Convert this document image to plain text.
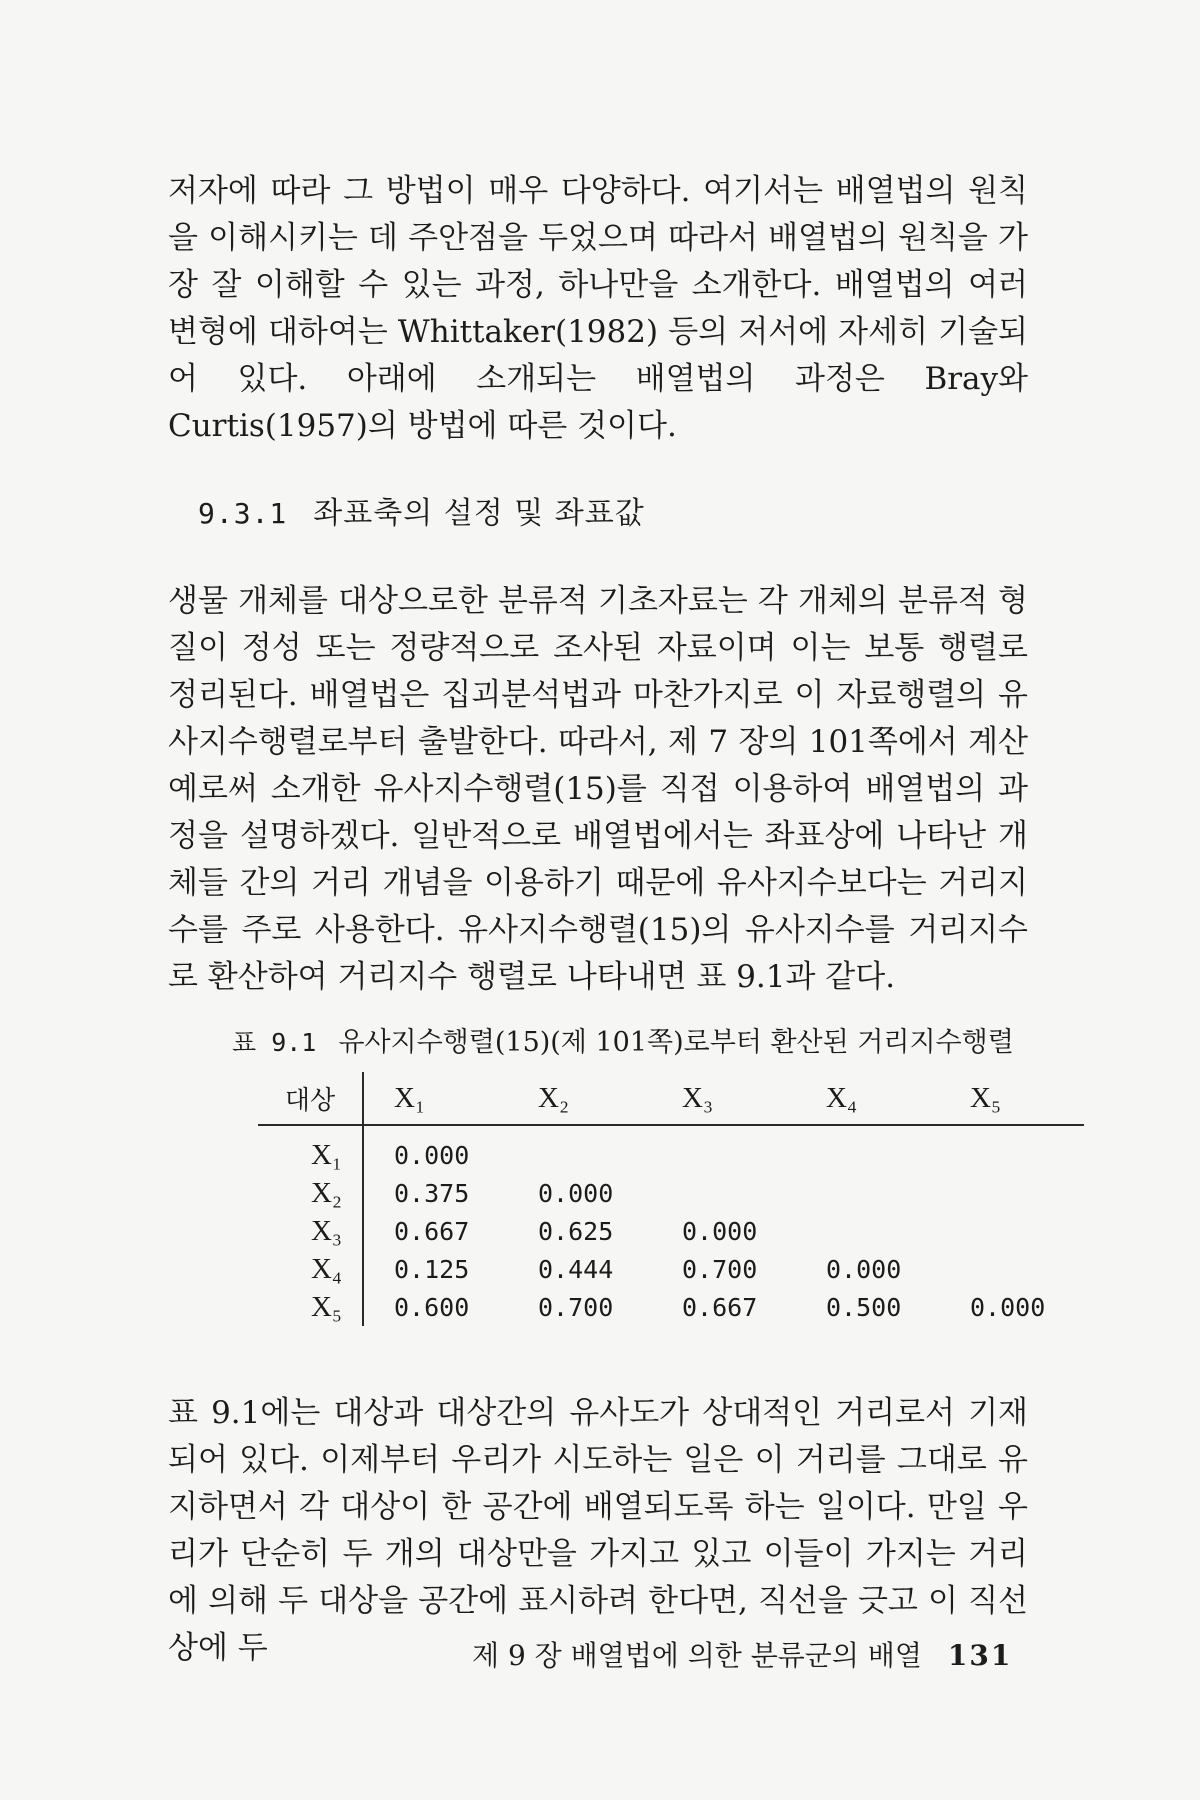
저자에 따라 그 방법이 매우 다양하다. 여기서는 배열법의 원칙을 이해시키는 데 주안점을 두었으며 따라서 배열법의 원칙을 가장 잘 이해할 수 있는 과정, 하나만을 소개한다. 배열법의 여러 변형에 대하여는 Whittaker(1982) 등의 저서에 자세히 기술되어 있다. 아래에 소개되는 배열법의 과정은 Bray와 Curtis(1957)의 방법에 따른 것이다.

9.3.1 좌표축의 설정 및 좌표값

생물 개체를 대상으로한 분류적 기초자료는 각 개체의 분류적 형질이 정성 또는 정량적으로 조사된 자료이며 이는 보통 행렬로 정리된다. 배열법은 집괴분석법과 마찬가지로 이 자료행렬의 유사지수행렬로부터 출발한다. 따라서, 제 7 장의 101쪽에서 계산 예로써 소개한 유사지수행렬(15)를 직접 이용하여 배열법의 과정을 설명하겠다. 일반적으로 배열법에서는 좌표상에 나타난 개체들 간의 거리 개념을 이용하기 때문에 유사지수보다는 거리지수를 주로 사용한다. 유사지수행렬(15)의 유사지수를 거리지수로 환산하여 거리지수 행렬로 나타내면 표 9.1과 같다.

표 9.1 유사지수행렬(15)(제 101쪽)로부터 환산된 거리지수행렬

대상	X₁	X₂	X₃	X₄	X₅
X₁	0.000				
X₂	0.375	0.000			
X₃	0.667	0.625	0.000		
X₄	0.125	0.444	0.700	0.000	
X₅	0.600	0.700	0.667	0.500	0.000

표 9.1에는 대상과 대상간의 유사도가 상대적인 거리로서 기재되어 있다. 이제부터 우리가 시도하는 일은 이 거리를 그대로 유지하면서 각 대상이 한 공간에 배열되도록 하는 일이다. 만일 우리가 단순히 두 개의 대상만을 가지고 있고 이들이 가지는 거리에 의해 두 대상을 공간에 표시하려 한다면, 직선을 긋고 이 직선상에 두	제 9 장 배열법에 의한 분류군의 배열 131
